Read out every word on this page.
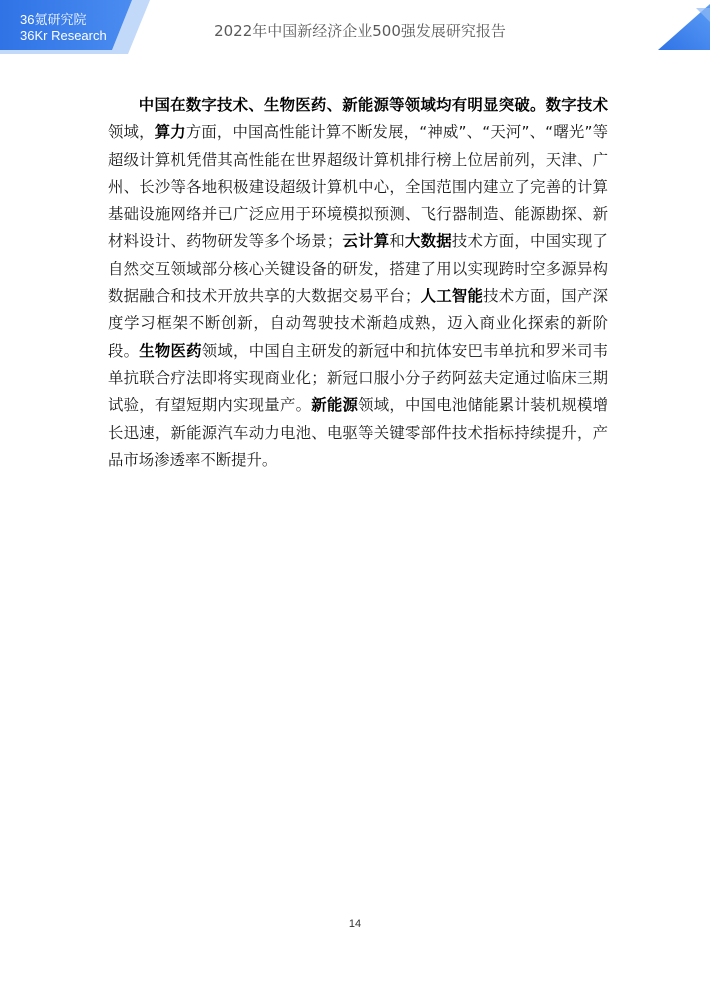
36氪研究院
36Kr Research	2022年中国新经济企业500强发展研究报告

中国在数字技术、生物医药、新能源等领域均有明显突破。数字技术领域，算力方面，中国高性能计算不断发展，“神威”、“天河”、“曙光”等超级计算机凭借其高性能在世界超级计算机排行榜上位居前列，天津、广州、长沙等各地积极建设超级计算机中心，全国范围内建立了完善的计算基础设施网络并已广泛应用于环境模拟预测、飞行器制造、能源勘探、新材料设计、药物研发等多个场景；云计算和大数据技术方面，中国实现了自然交互领域部分核心关键设备的研发，搭建了用以实现跨时空多源异构数据融合和技术开放共享的大数据交易平台；人工智能技术方面，国产深度学习框架不断创新，自动驾驶技术渐趋成熟，迈入商业化探索的新阶段。生物医药领域，中国自主研发的新冠中和抗体安巴韦单抗和罗米司韦单抗联合疗法即将实现商业化；新冠口服小分子药阿兹夫定通过临床三期试验，有望短期内实现量产。新能源领域，中国电池储能累计装机规模增长迅速，新能源汽车动力电池、电驱等关键零部件技术指标持续提升，产品市场渗透率不断提升。

14
